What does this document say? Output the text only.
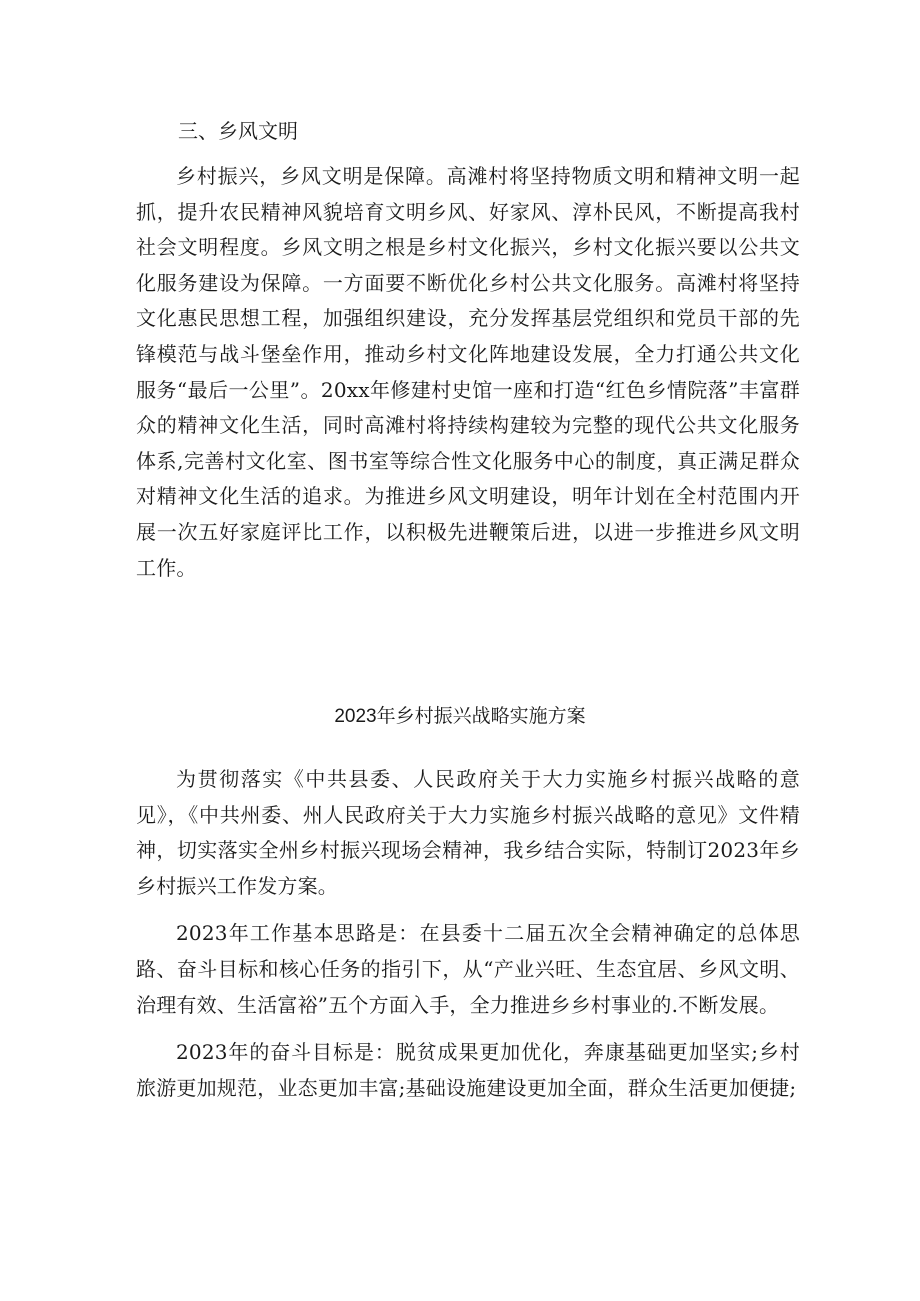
三、乡风文明

乡村振兴，乡风文明是保障。高滩村将坚持物质文明和精神文明一起抓，提升农民精神风貌培育文明乡风、好家风、淳朴民风，不断提高我村社会文明程度。乡风文明之根是乡村文化振兴，乡村文化振兴要以公共文化服务建设为保障。一方面要不断优化乡村公共文化服务。高滩村将坚持文化惠民思想工程，加强组织建设，充分发挥基层党组织和党员干部的先锋模范与战斗堡垒作用，推动乡村文化阵地建设发展，全力打通公共文化服务“最后一公里”。20xx年修建村史馆一座和打造“红色乡情院落”丰富群众的精神文化生活，同时高滩村将持续构建较为完整的现代公共文化服务体系,完善村文化室、图书室等综合性文化服务中心的制度，真正满足群众对精神文化生活的追求。为推进乡风文明建设，明年计划在全村范围内开展一次五好家庭评比工作，以积极先进鞭策后进，以进一步推进乡风文明工作。

2023年乡村振兴战略实施方案

为贯彻落实《中共县委、人民政府关于大力实施乡村振兴战略的意见》，《中共州委、州人民政府关于大力实施乡村振兴战略的意见》文件精神，切实落实全州乡村振兴现场会精神，我乡结合实际，特制订2023年乡乡村振兴工作发方案。

2023年工作基本思路是：在县委十二届五次全会精神确定的总体思路、奋斗目标和核心任务的指引下，从“产业兴旺、生态宜居、乡风文明、治理有效、生活富裕”五个方面入手，全力推进乡乡村事业的.不断发展。

2023年的奋斗目标是：脱贫成果更加优化，奔康基础更加坚实;乡村旅游更加规范，业态更加丰富;基础设施建设更加全面，群众生活更加便捷;
